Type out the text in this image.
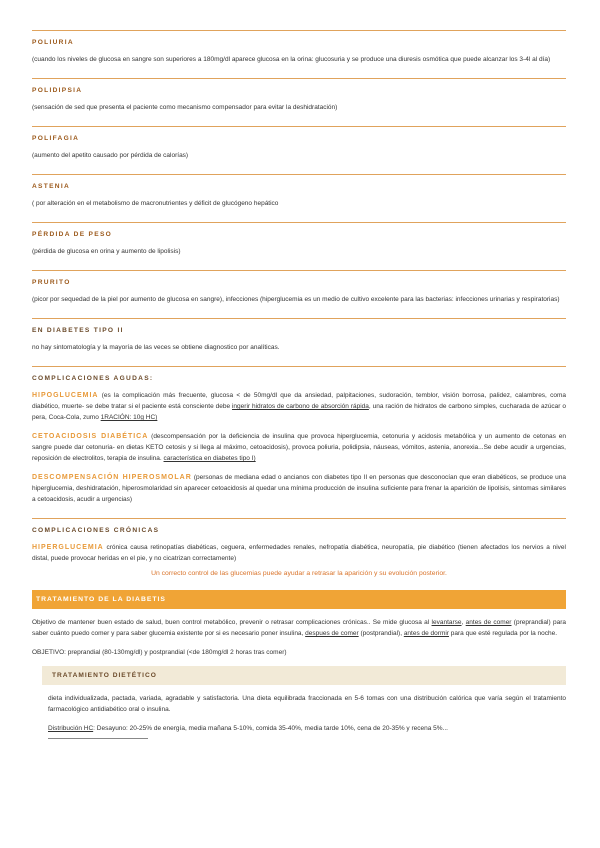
POLIURIA
(cuando los niveles de glucosa en sangre son superiores a 180mg/dl aparece glucosa en la orina: glucosuria y se produce una diuresis osmótica que puede alcanzar los 3-4l al día)
POLIDIPSIA
(sensación de sed que presenta el paciente como mecanismo compensador para evitar la deshidratación)
POLIFAGIA
(aumento del apetito causado por pérdida de calorías)
ASTENIA
( por alteración en el metabolismo de macronutrientes y déficit de glucógeno hepático
PÉRDIDA DE PESO
(pérdida de glucosa en orina y aumento de lipolisis)
PRURITO
(picor por sequedad de la piel por aumento de glucosa en sangre), infecciones (hiperglucemia es un medio de cultivo excelente para las bacterias: infecciones urinarias y respiratorias)
EN DIABETES TIPO II
no hay sintomatología y la mayoría de las veces se obtiene diagnostico por analíticas.
COMPLICACIONES AGUDAS:
HIPOGLUCEMIA (es la complicación más frecuente, glucosa < de 50mg/dl que da ansiedad, palpitaciones, sudoración, temblor, visión borrosa, palidez, calambres, coma diabético, muerte- se debe tratar si el paciente está consciente debe ingerir hidratos de carbono de absorción rápida, una ración de hidratos de carbono simples, cucharada de azúcar o pera, Coca-Cola, zumo 1RACIÓN: 10g HC)
CETOACIDOSIS DIABÉTICA (descompensación por la deficiencia de insulina que provoca hiperglucemia, cetonuria y acidosis metabólica y un aumento de cetonas en sangre puede dar cetonuria- en dietas KETO cetosis y si llega al máximo, cetoacidosis), provoca poliuria, polidipsia, náuseas, vómitos, astenia, anorexia...Se debe acudir a urgencias, reposición de electrolitos, terapia de insulina. característica en diabetes tipo I)
DESCOMPENSACIÓN HIPEROSMOLAR (personas de mediana edad o ancianos con diabetes tipo II en personas que desconocían que eran diabéticos, se produce una hiperglucemia, deshidratación, hiperosmolaridad sin aparecer cetoacidosis al quedar una mínima producción de insulina suficiente para frenar la aparición de lipolisis, sintomas similares a cetoacidosis, acudir a urgencias)
COMPLICACIONES CRÓNICAS
HIPERGLUCEMIA crónica causa retinopatías diabéticas, ceguera, enfermedades renales, nefropatía diabética, neuropatía, pie diabético (tienen afectados los nervios a nivel distal, puede provocar heridas en el pie, y no cicatrizan correctamente)
Un correcto control de las glucemias puede ayudar a retrasar la aparición y su evolución posterior.
TRATAMIENTO DE LA DIABETIS
Objetivo de mantener buen estado de salud, buen control metabólico, prevenir o retrasar complicaciones crónicas.. Se mide glucosa al levantarse, antes de comer (preprandial) para saber cuánto puedo comer y para saber glucemia existente por si es necesario poner insulina, despues de comer (postprandial), antes de dormir para que esté regulada por la noche.
OBJETIVO: preprandial (80-130mg/dl) y postprandial (<de 180mg/dl 2 horas tras comer)
TRATAMIENTO DIETÉTICO
dieta individualizada, pactada, variada, agradable y satisfactoria. Una dieta equilibrada fraccionada en 5-6 tomas con una distribución calórica que varía según el tratamiento farmacológico antidiabético oral o insulina.
Distribución HC: Desayuno: 20-25% de energía, media mañana 5-10%, comida 35-40%, media tarde 10%, cena de 20-35% y recena 5%...
